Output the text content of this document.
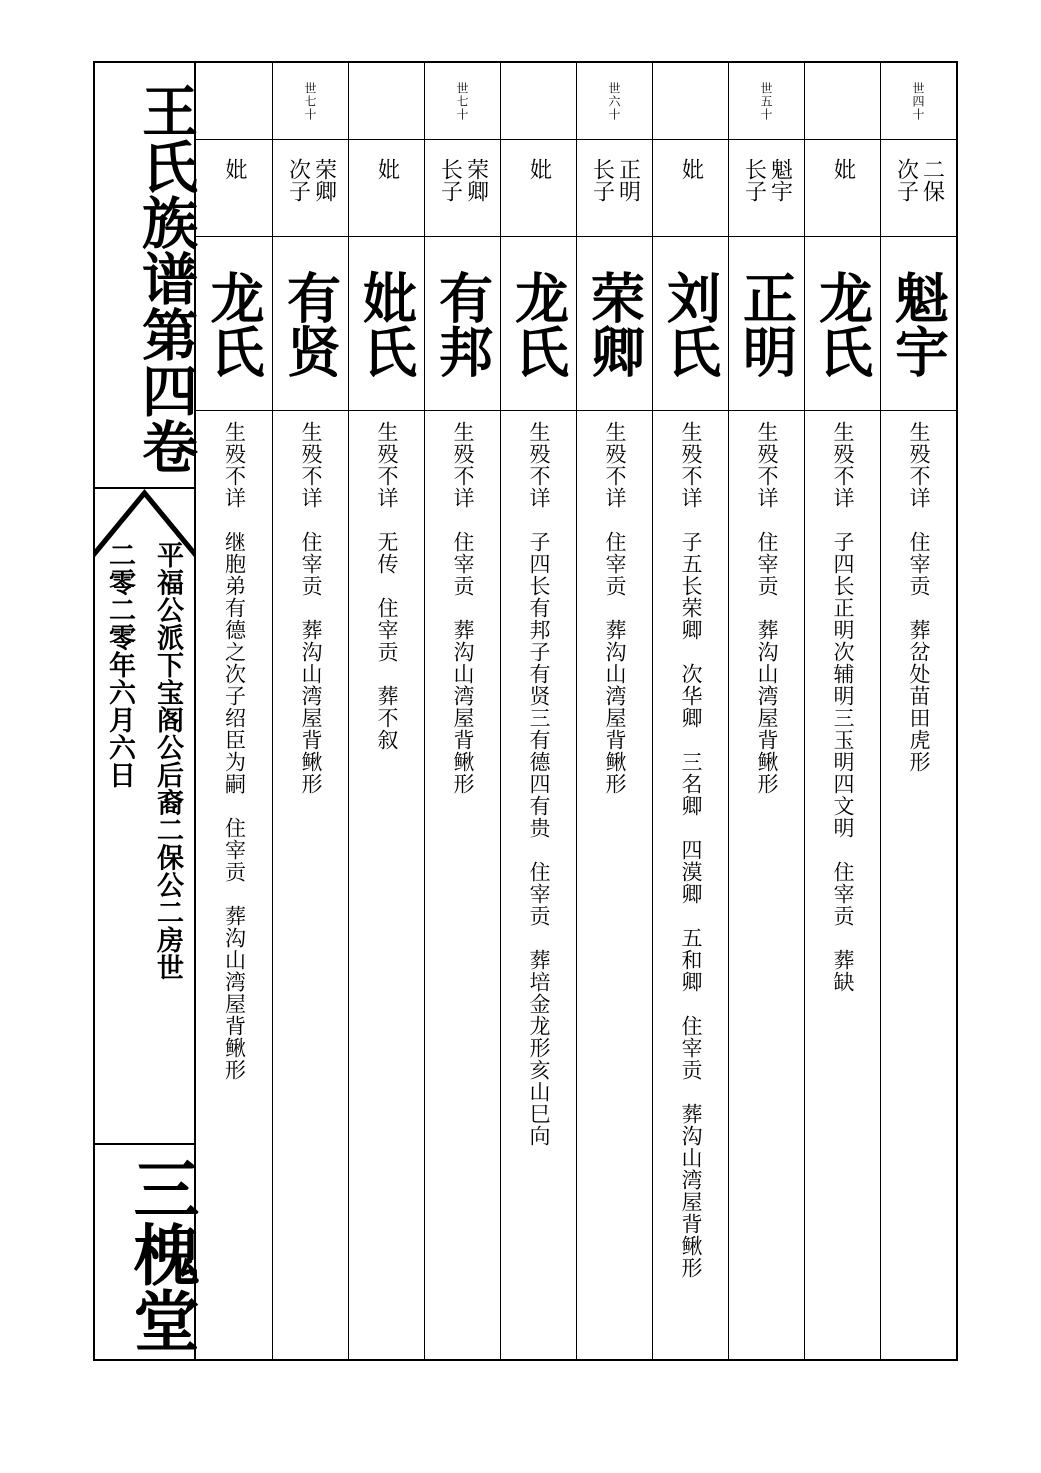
王氏族谱第四卷
平福公派下宝阁公后裔二保公二房世
二零二零年六月六日
三槐堂
妣
龙氏
生殁不详　继胞弟有德之次子绍臣为嗣　住宰贡　葬沟山湾屋背鳅形
世七十
荣卿次子
有贤
生殁不详　住宰贡　葬沟山湾屋背鳅形
妣
妣氏
生殁不详　无传　住宰贡　葬不叙
世七十
荣卿长子
有邦
生殁不详　住宰贡　葬沟山湾屋背鳅形
妣
龙氏
生殁不详　子四长有邦子有贤三有德四有贵　住宰贡　葬培金龙形亥山巳向
世六十
正明长子
荣卿
生殁不详　住宰贡　葬沟山湾屋背鳅形
妣
刘氏
生殁不详　子五长荣卿　次华卿　三名卿　四漠卿　五和卿　住宰贡　葬沟山湾屋背鳅形
世五十
魁宇长子
正明
生殁不详　住宰贡　葬沟山湾屋背鳅形
妣
龙氏
生殁不详　子四长正明次辅明三玉明四文明　住宰贡　葬缺
世四十
二保次子
魁宇
生殁不详　住宰贡　葬岔处苗田虎形
